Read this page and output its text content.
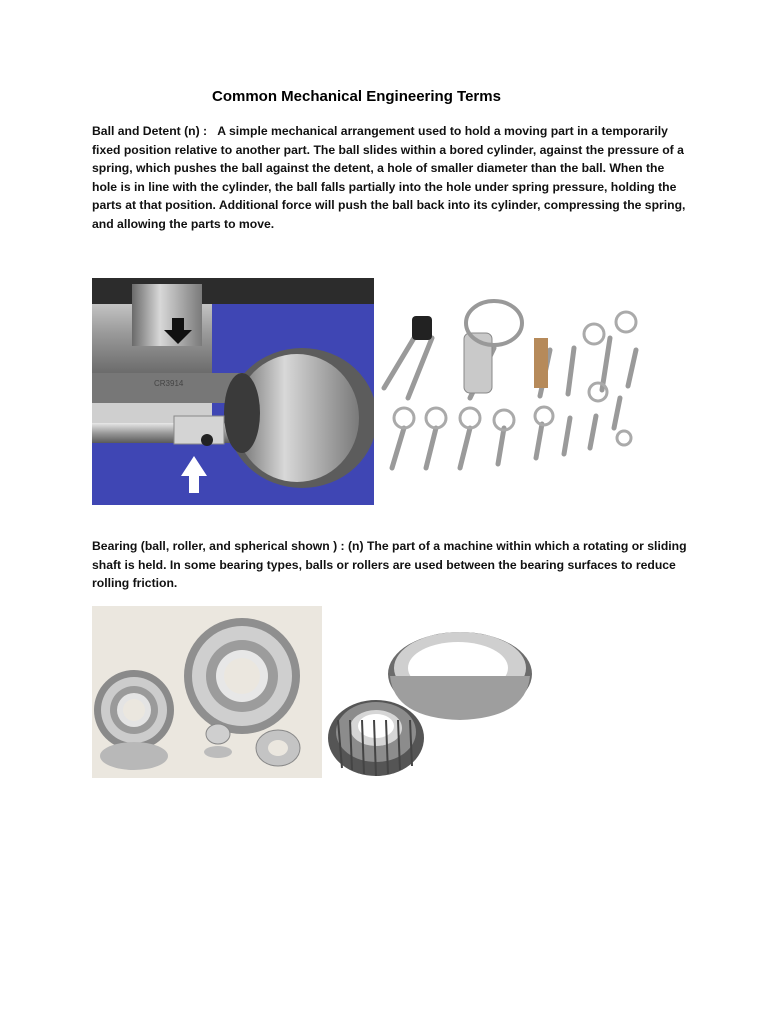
Common Mechanical Engineering Terms
Ball and Detent (n) : A simple mechanical arrangement used to hold a moving part in a temporarily fixed position relative to another part. The ball slides within a bored cylinder, against the pressure of a spring, which pushes the ball against the detent, a hole of smaller diameter than the ball. When the hole is in line with the cylinder, the ball falls partially into the hole under spring pressure, holding the parts at that position. Additional force will push the ball back into its cylinder, compressing the spring, and allowing the parts to move.
CR3914
Bearing (ball, roller, and spherical shown ) : (n) The part of a machine within which a rotating or sliding shaft is held. In some bearing types, balls or rollers are used between the bearing surfaces to reduce rolling friction.
